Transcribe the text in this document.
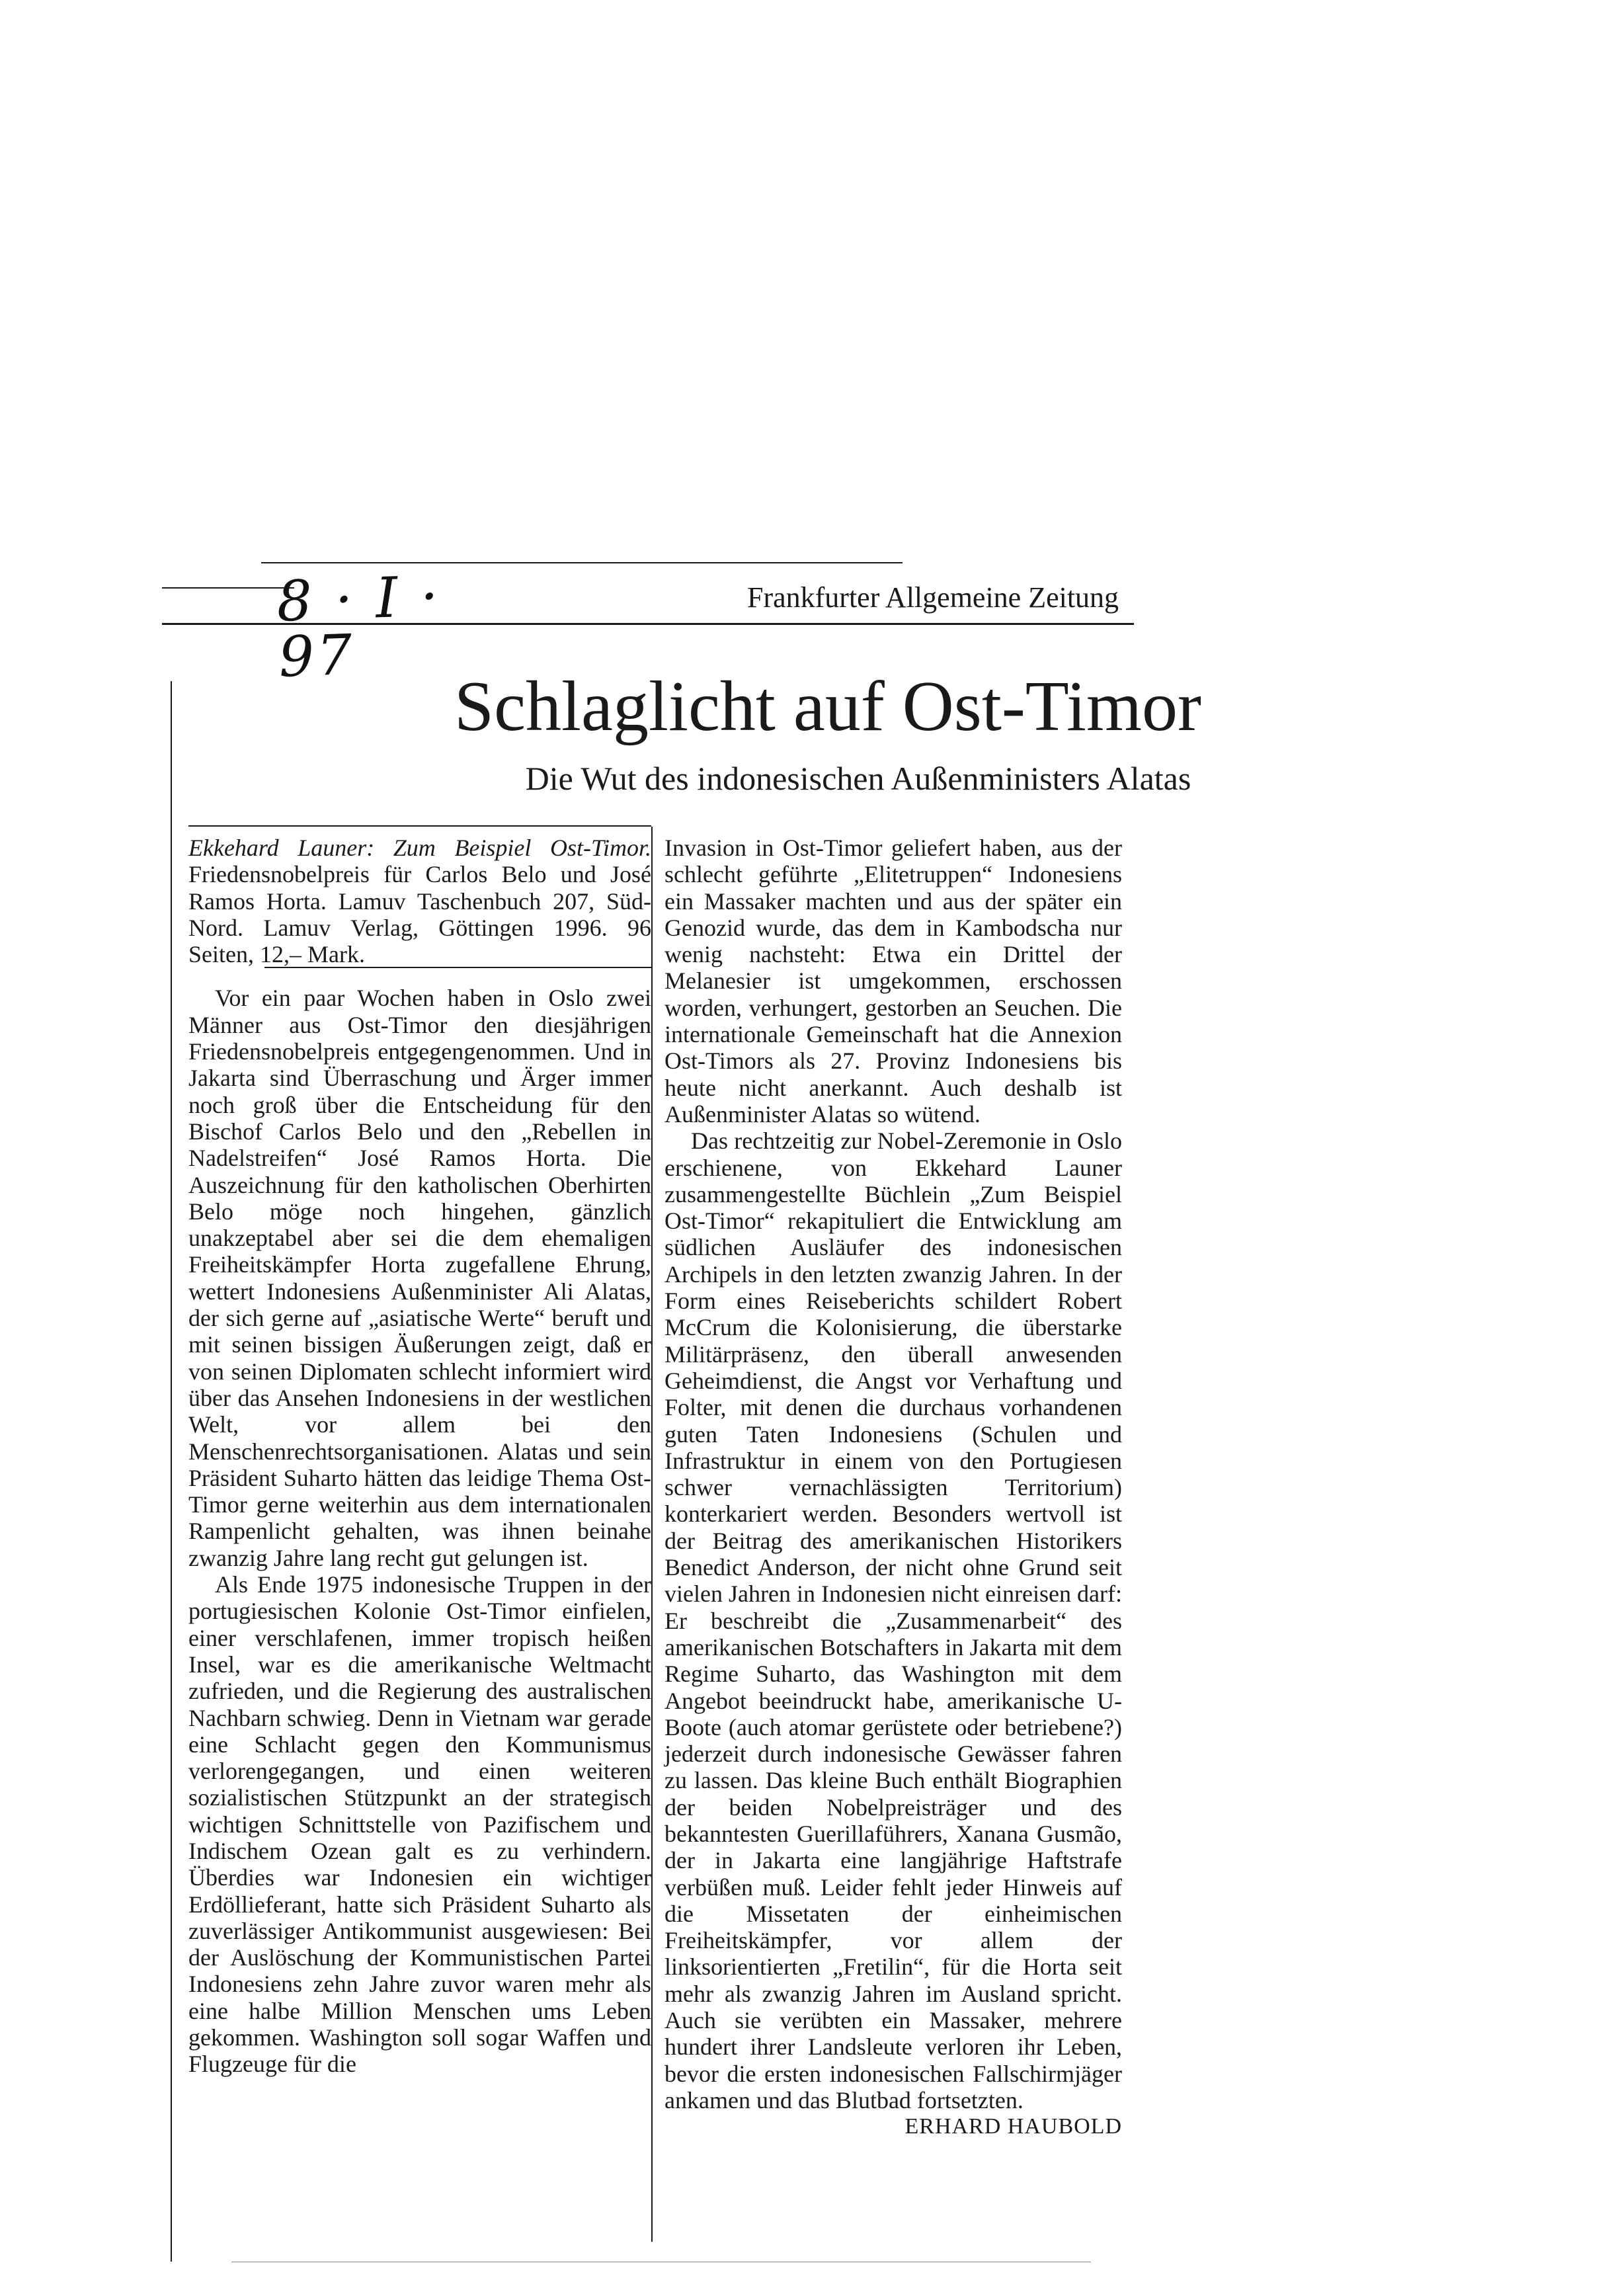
8 · I · 97
Frankfurter Allgemeine Zeitung
Schlaglicht auf Ost-Timor
Die Wut des indonesischen Außenministers Alatas

Ekkehard Launer: Zum Beispiel Ost-Timor. Friedensnobelpreis für Carlos Belo und José Ramos Horta. Lamuv Taschenbuch 207, Süd-Nord. Lamuv Verlag, Göttingen 1996. 96 Seiten, 12,– Mark.

Vor ein paar Wochen haben in Oslo zwei Männer aus Ost-Timor den diesjährigen Friedensnobelpreis entgegengenommen. Und in Jakarta sind Überraschung und Ärger immer noch groß über die Entscheidung für den Bischof Carlos Belo und den „Rebellen in Nadelstreifen“ José Ramos Horta. Die Auszeichnung für den katholischen Oberhirten Belo möge noch hingehen, gänzlich unakzeptabel aber sei die dem ehemaligen Freiheitskämpfer Horta zugefallene Ehrung, wettert Indonesiens Außenminister Ali Alatas, der sich gerne auf „asiatische Werte“ beruft und mit seinen bissigen Äußerungen zeigt, daß er von seinen Diplomaten schlecht informiert wird über das Ansehen Indonesiens in der westlichen Welt, vor allem bei den Menschenrechtsorganisationen. Alatas und sein Präsident Suharto hätten das leidige Thema Ost-Timor gerne weiterhin aus dem internationalen Rampenlicht gehalten, was ihnen beinahe zwanzig Jahre lang recht gut gelungen ist.

Als Ende 1975 indonesische Truppen in der portugiesischen Kolonie Ost-Timor einfielen, einer verschlafenen, immer tropisch heißen Insel, war es die amerikanische Weltmacht zufrieden, und die Regierung des australischen Nachbarn schwieg. Denn in Vietnam war gerade eine Schlacht gegen den Kommunismus verlorengegangen, und einen weiteren sozialistischen Stützpunkt an der strategisch wichtigen Schnittstelle von Pazifischem und Indischem Ozean galt es zu verhindern. Überdies war Indonesien ein wichtiger Erdöllieferant, hatte sich Präsident Suharto als zuverlässiger Antikommunist ausgewiesen: Bei der Auslöschung der Kommunistischen Partei Indonesiens zehn Jahre zuvor waren mehr als eine halbe Million Menschen ums Leben gekommen. Washington soll sogar Waffen und Flugzeuge für die

Invasion in Ost-Timor geliefert haben, aus der schlecht geführte „Elitetruppen“ Indonesiens ein Massaker machten und aus der später ein Genozid wurde, das dem in Kambodscha nur wenig nachsteht: Etwa ein Drittel der Melanesier ist umgekommen, erschossen worden, verhungert, gestorben an Seuchen. Die internationale Gemeinschaft hat die Annexion Ost-Timors als 27. Provinz Indonesiens bis heute nicht anerkannt. Auch deshalb ist Außenminister Alatas so wütend.

Das rechtzeitig zur Nobel-Zeremonie in Oslo erschienene, von Ekkehard Launer zusammengestellte Büchlein „Zum Beispiel Ost-Timor“ rekapituliert die Entwicklung am südlichen Ausläufer des indonesischen Archipels in den letzten zwanzig Jahren. In der Form eines Reiseberichts schildert Robert McCrum die Kolonisierung, die überstarke Militärpräsenz, den überall anwesenden Geheimdienst, die Angst vor Verhaftung und Folter, mit denen die durchaus vorhandenen guten Taten Indonesiens (Schulen und Infrastruktur in einem von den Portugiesen schwer vernachlässigten Territorium) konterkariert werden. Besonders wertvoll ist der Beitrag des amerikanischen Historikers Benedict Anderson, der nicht ohne Grund seit vielen Jahren in Indonesien nicht einreisen darf: Er beschreibt die „Zusammenarbeit“ des amerikanischen Botschafters in Jakarta mit dem Regime Suharto, das Washington mit dem Angebot beeindruckt habe, amerikanische U-Boote (auch atomar gerüstete oder betriebene?) jederzeit durch indonesische Gewässer fahren zu lassen. Das kleine Buch enthält Biographien der beiden Nobelpreisträger und des bekanntesten Guerillaführers, Xanana Gusmão, der in Jakarta eine langjährige Haftstrafe verbüßen muß. Leider fehlt jeder Hinweis auf die Missetaten der einheimischen Freiheitskämpfer, vor allem der linksorientierten „Fretilin“, für die Horta seit mehr als zwanzig Jahren im Ausland spricht. Auch sie verübten ein Massaker, mehrere hundert ihrer Landsleute verloren ihr Leben, bevor die ersten indonesischen Fallschirmjäger ankamen und das Blutbad fortsetzten.
ERHARD HAUBOLD
